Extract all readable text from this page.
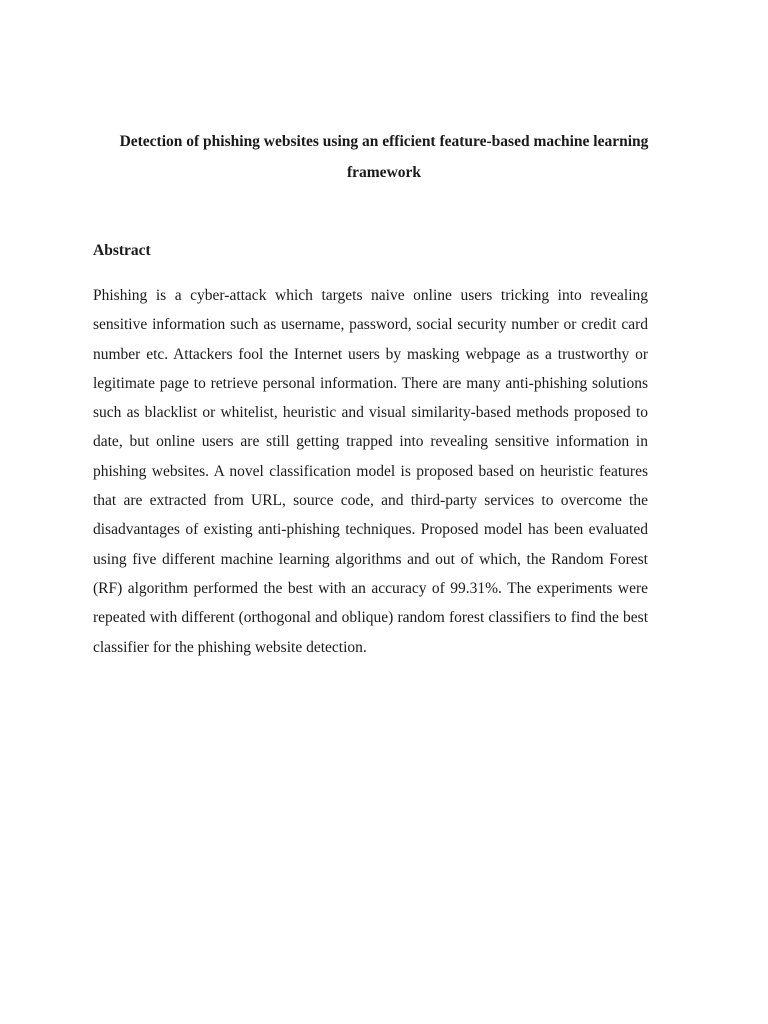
Detection of phishing websites using an efficient feature-based machine learning framework
Abstract

Phishing is a cyber-attack which targets naive online users tricking into revealing sensitive information such as username, password, social security number or credit card number etc. Attackers fool the Internet users by masking webpage as a trustworthy or legitimate page to retrieve personal information. There are many anti-phishing solutions such as blacklist or whitelist, heuristic and visual similarity-based methods proposed to date, but online users are still getting trapped into revealing sensitive information in phishing websites. A novel classification model is proposed based on heuristic features that are extracted from URL, source code, and third-party services to overcome the disadvantages of existing anti-phishing techniques. Proposed model has been evaluated using five different machine learning algorithms and out of which, the Random Forest (RF) algorithm performed the best with an accuracy of 99.31%. The experiments were repeated with different (orthogonal and oblique) random forest classifiers to find the best classifier for the phishing website detection.
